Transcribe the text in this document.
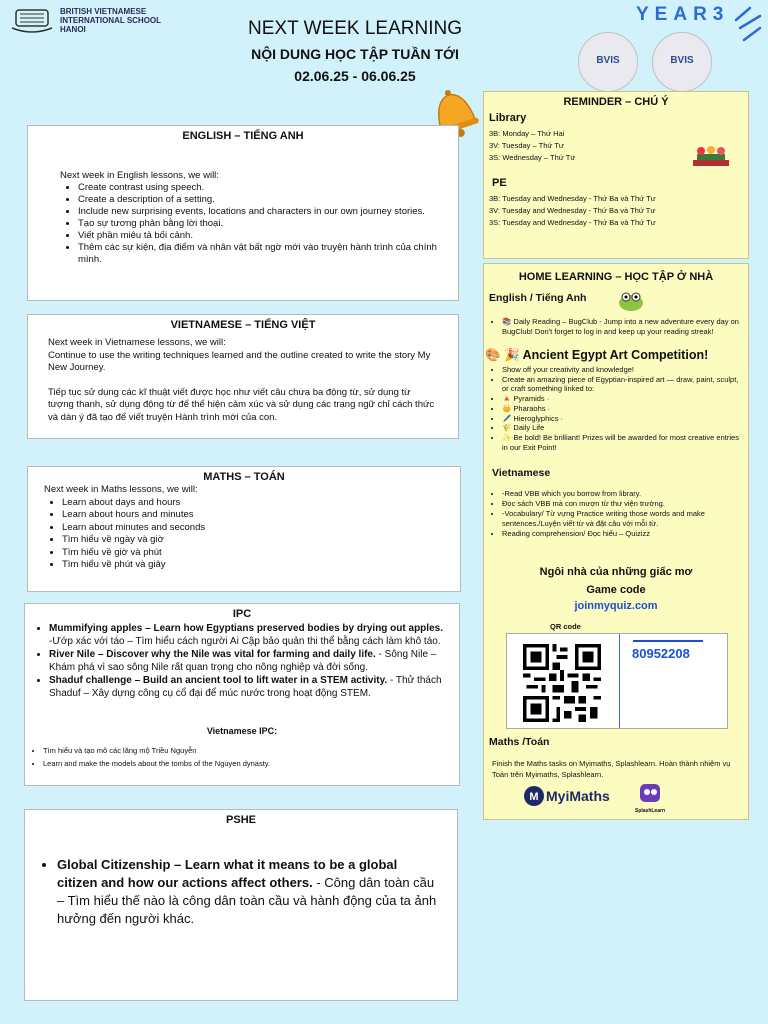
BRITISH VIETNAMESE
INTERNATIONAL SCHOOL
HANOI	NEXT WEEK LEARNING
NỘI DUNG HỌC TẬP TUẦN TỚI
02.06.25 - 06.06.25
YEAR3
BVIS	BVIS
ENGLISH – TIẾNG ANH
Next week in English lessons, we will:
• Create contrast using speech.
• Create a description of a setting.
• Include new surprising events, locations and characters in our own journey stories.
• Tạo sự tương phản bằng lời thoại.
• Viết phần miêu tả bối cảnh.
• Thêm các sự kiện, địa điểm và nhân vật bất ngờ mới vào truyện hành trình của chính mình.
VIETNAMESE – TIẾNG VIỆT
Next week in Vietnamese lessons, we will:
Continue to use the writing techniques learned and the outline created to write the story My New Journey.
Tiếp tục sử dụng các kĩ thuật viết được học như viết câu chưa ba động từ, sử dụng từ tượng thanh, sử dụng động từ để thể hiện cảm xúc và sử dụng các trạng ngữ chỉ cách thức và dàn ý đã tạo để viết truyện Hành trình mới của con.
MATHS – TOÁN
Next week in Maths lessons, we will:
• Learn about days and hours
• Learn about hours and minutes
• Learn about minutes and seconds
• Tìm hiểu về ngày và giờ
• Tìm hiểu về giờ và phút
• Tìm hiểu về phút và giây
IPC
• Mummifying apples – Learn how Egyptians preserved bodies by drying out apples. -Ướp xác với táo – Tìm hiểu cách người Ai Cập bảo quản thi thể bằng cách làm khô táo.
• River Nile – Discover why the Nile was vital for farming and daily life. - Sông Nile – Khám phá vì sao sông Nile rất quan trọng cho nông nghiệp và đời sống.
• Shaduf challenge – Build an ancient tool to lift water in a STEM activity. - Thử thách Shaduf – Xây dựng công cụ cổ đại để múc nước trong hoạt động STEM.
Vietnamese IPC:
• Tìm hiểu và tạo mô các lăng mộ Triều Nguyễn
• Learn and make the models about the tombs of the Nguyen dynasty.
PSHE
• Global Citizenship – Learn what it means to be a global citizen and how our actions affect others. - Công dân toàn cầu – Tìm hiểu thế nào là công dân toàn cầu và hành động của ta ảnh hưởng đến người khác.
REMINDER – CHÚ Ý
Library
3B: Monday – Thứ Hai
3V: Tuesday – Thứ Tư
3S: Wednesday – Thứ Tư
PE
3B: Tuesday and Wednesday - Thứ Ba và Thứ Tư
3V: Tuesday and Wednesday - Thứ Ba và Thứ Tư
3S: Tuesday and Wednesday - Thứ Ba và Thứ Tư
HOME LEARNING – HỌC TẬP Ở NHÀ
English / Tiếng Anh
• 📚 Daily Reading – BugClub - Jump into a new adventure every day on BugClub! Don't forget to log in and keep up your reading streak!
🎨 🎉 Ancient Egypt Art Competition!
• Show off your creativity and knowledge!
• Create an amazing piece of Egyptian-inspired art — draw, paint, sculpt, or craft something linked to:
• 🔺 Pyramids ·
• 👑 Pharaohs ·
• 🖊️ Hieroglyphics ·
• 🌾 Daily Life
• ✨ Be bold! Be brilliant! Prizes will be awarded for most creative entries in our Exit Point!
Vietnamese
• -Read VBB which you borrow from library.
• Đọc sách VBB mà con mượn từ thư viện trường.
• -Vocabulary/ Từ vựng Practice writing those words and make sentences./Luyện viết từ và đặt câu với mỗi từ.
• Reading comprehension/ Đọc hiểu – Quizizz
Ngôi nhà của những giấc mơ
Game code
joinmyquiz.com
QR code
80952208
Maths /Toán
Finish the Maths tasks on Myimaths, Splashlearn. Hoàn thành nhiệm vụ Toán trên Myimaths, Splashlearn.
M MyiMaths
SplashLearn
